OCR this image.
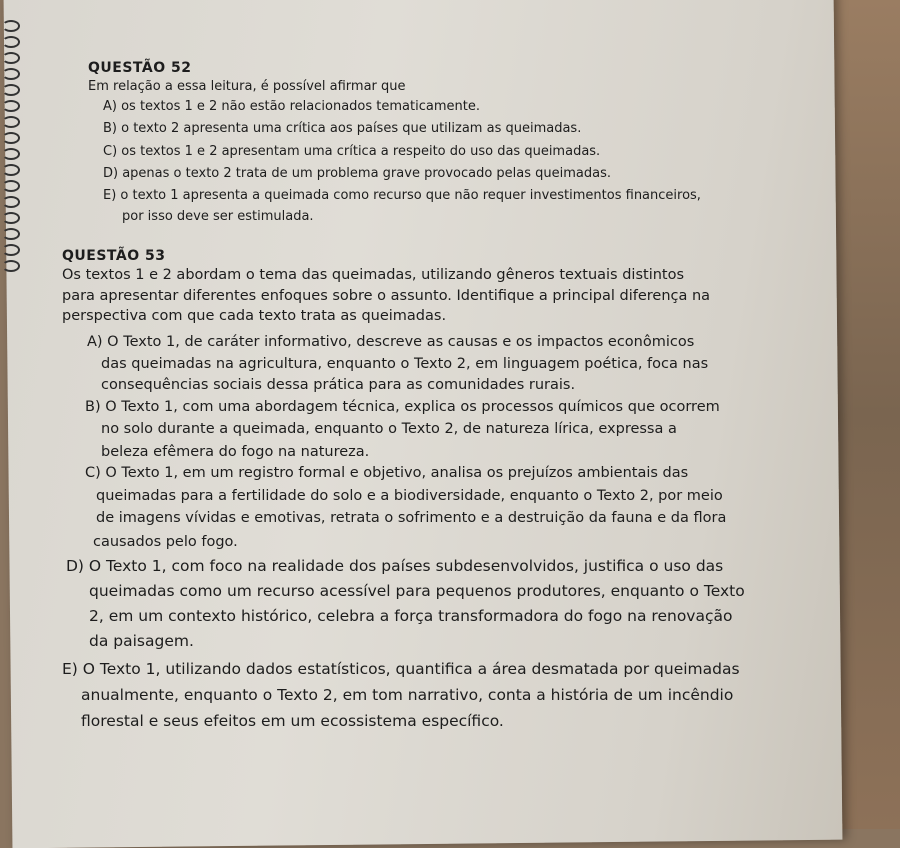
QUESTÃO 52
Em relação a essa leitura, é possível afirmar que
A) os textos 1 e 2 não estão relacionados tematicamente.
B) o texto 2 apresenta uma crítica aos países que utilizam as queimadas.
C) os textos 1 e 2 apresentam uma crítica a respeito do uso das queimadas.
D) apenas o texto 2 trata de um problema grave provocado pelas queimadas.
E) o texto 1 apresenta a queimada como recurso que não requer investimentos financeiros,
por isso deve ser estimulada.
QUESTÃO 53
Os textos 1 e 2 abordam o tema das queimadas, utilizando gêneros textuais distintos
para apresentar diferentes enfoques sobre o assunto. Identifique a principal diferença na
perspectiva com que cada texto trata as queimadas.
A) O Texto 1, de caráter informativo, descreve as causas e os impactos econômicos
das queimadas na agricultura, enquanto o Texto 2, em linguagem poética, foca nas
consequências sociais dessa prática para as comunidades rurais.
B) O Texto 1, com uma abordagem técnica, explica os processos químicos que ocorrem
no solo durante a queimada, enquanto o Texto 2, de natureza lírica, expressa a
beleza efêmera do fogo na natureza.
C) O Texto 1, em um registro formal e objetivo, analisa os prejuízos ambientais das
queimadas para a fertilidade do solo e a biodiversidade, enquanto o Texto 2, por meio
de imagens vívidas e emotivas, retrata o sofrimento e a destruição da fauna e da flora
causados pelo fogo.
D) O Texto 1, com foco na realidade dos países subdesenvolvidos, justifica o uso das
queimadas como um recurso acessível para pequenos produtores, enquanto o Texto
2, em um contexto histórico, celebra a força transformadora do fogo na renovação
da paisagem.
E) O Texto 1, utilizando dados estatísticos, quantifica a área desmatada por queimadas
anualmente, enquanto o Texto 2, em tom narrativo, conta a história de um incêndio
florestal e seus efeitos em um ecossistema específico.
